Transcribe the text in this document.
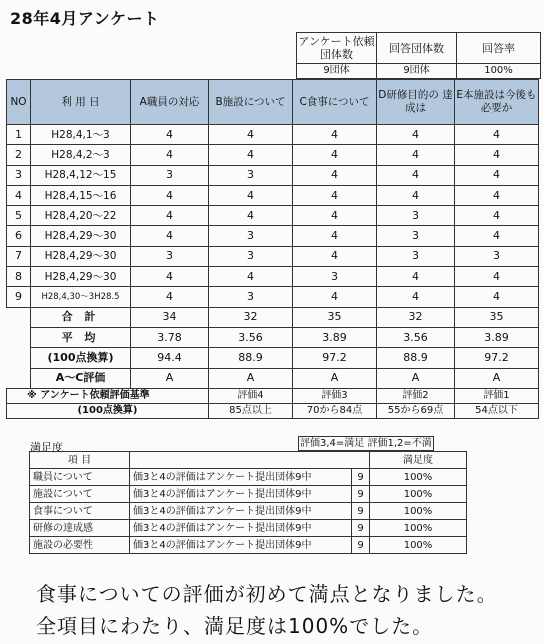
28年4月アンケート
アンケート依頼 団体数	回答団体数	回答率
9団体	9団体	100%
NO	利 用 日	A職員の対応	B施設について	C食事について	D研修目的の 達成は	E本施設は今後も必要か
1	H28,4,1～3	4	4	4	4	4
2	H28,4,2～3	4	4	4	4	4
3	H28,4,12～15	3	3	4	4	4
4	H28,4,15～16	4	4	4	4	4
5	H28,4,20～22	4	4	4	3	4
6	H28,4,29～30	4	3	4	3	4
7	H28,4,29～30	3	3	4	3	3
8	H28,4,29～30	4	4	3	4	4
9	H28,4,30～3H28.5	4	3	4	4	4
	合 計	34	32	35	32	35
	平 均	3.78	3.56	3.89	3.56	3.89
	(100点換算)	94.4	88.9	97.2	88.9	97.2
	A～C評価	A	A	A	A	A
※ アンケート依頼評価基準			評価4	評価3	評価2	評価1
(100点換算)			85点以上	70から84点	55から69点	54点以下
満足度	評価3,4=満足 評価1,2=不満
項 目			満足度
職員について	価3と4の評価はアンケート提出団体9中	9	100%
施設について	価3と4の評価はアンケート提出団体9中	9	100%
食事について	価3と4の評価はアンケート提出団体9中	9	100%
研修の達成感	価3と4の評価はアンケート提出団体9中	9	100%
施設の必要性	価3と4の評価はアンケート提出団体9中	9	100%
食事についての評価が初めて満点となりました。
全項目にわたり、満足度は100%でした。
